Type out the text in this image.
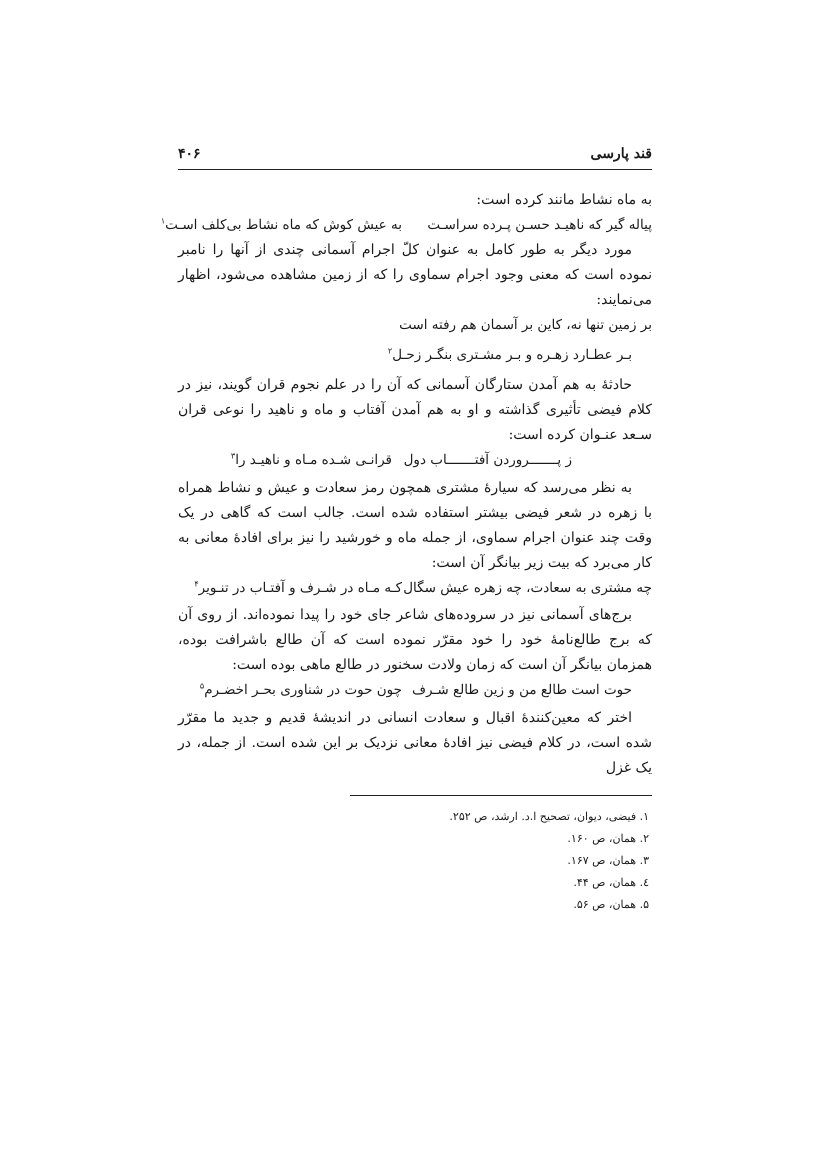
قند پارسی
۴۰۶

به ماه نشاط مانند کرده است:

پیاله گیر که ناهیـد حسـن پـرده سراسـت
به عیش کوش که ماه نشاط بی‌کلف اسـت$^۱$

مورد دیگر به طور کامل به عنوان کلّ اجرام آسمانی چندی از آنها را نامبر نموده است که معنی وجود اجرام سماوی را که از زمین مشاهده می‌شود، اظهار می‌نمایند:

بر زمین تنها نه، کاین بر آسمان هم رفته است
بـر عطـارد زهـره و بـر مشـتری بنگـر زحـل$^۲$

حادثهٔ به هم آمدن ستارگان آسمانی که آن را در علم نجوم قران گویند، نیز در کلام فیضی تأثیری گذاشته و او به هم آمدن آفتاب و ماه و ناهید را نوعی قران سـعد عنـوان کرده است:

ز پـــــــروردن آفتـــــــاب دول
قرانـی شـده مـاه و ناهیـد را$^۳$

به نظر می‌رسد که سیارهٔ مشتری همچون رمز سعادت و عیش و نشاط همراه با زهره در شعر فیضی بیشتر استفاده شده است. جالب است که گاهی در یک وقت چند عنوان اجرام سماوی، از جمله ماه و خورشید را نیز برای افادهٔ معانی به کار می‌برد که بیت زیر بیانگر آن است:

چه مشتری به سعادت، چه زهره عیش سگال
کـه مـاه در شـرف و آفتـاب در تنـویر$^۴$

برج‌های آسمانی نیز در سروده‌های شاعر جای خود را پیدا نموده‌اند. از روی آن که برج طالع‌نامهٔ خود را خود مقرّر نموده است که آن طالع باشرافت بوده، همزمان بیانگر آن است که زمان ولادت سخنور در طالع ماهی بوده است:

حوت است طالع من و زین طالع شـرف
چون حوت در شناوری بحـر اخضـرم$^۵$

اختر که معین‌کنندهٔ اقبال و سعادت انسانی در اندیشهٔ قدیم و جدید ما مقرّر شده است، در کلام فیضی نیز افادهٔ معانی نزدیک بر این شده است. از جمله، در یک غزل

۱. فیضی، دیوان، تصحیح ا.د. ارشد، ص ۲۵۲.
۲. همان، ص ۱۶۰.
۳. همان، ص ۱۶۷.
٤. همان، ص ۴۴.
۵. همان، ص ۵۶.
